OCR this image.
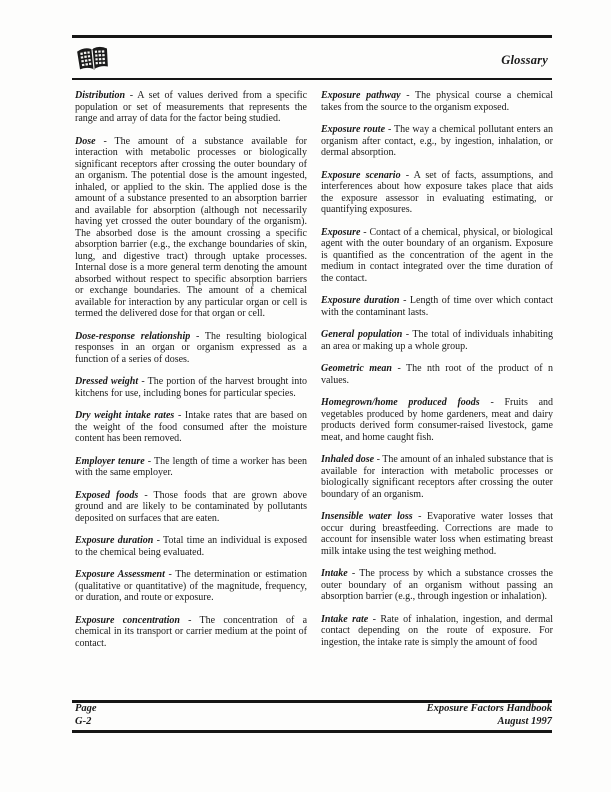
Glossary

Distribution - A set of values derived from a specific population or set of measurements that represents the range and array of data for the factor being studied.

Dose - The amount of a substance available for interaction with metabolic processes or biologically significant receptors after crossing the outer boundary of an organism. The potential dose is the amount ingested, inhaled, or applied to the skin. The applied dose is the amount of a substance presented to an absorption barrier and available for absorption (although not necessarily having yet crossed the outer boundary of the organism). The absorbed dose is the amount crossing a specific absorption barrier (e.g., the exchange boundaries of skin, lung, and digestive tract) through uptake processes. Internal dose is a more general term denoting the amount absorbed without respect to specific absorption barriers or exchange boundaries. The amount of a chemical available for interaction by any particular organ or cell is termed the delivered dose for that organ or cell.

Dose-response relationship - The resulting biological responses in an organ or organism expressed as a function of a series of doses.

Dressed weight - The portion of the harvest brought into kitchens for use, including bones for particular species.

Dry weight intake rates - Intake rates that are based on the weight of the food consumed after the moisture content has been removed.

Employer tenure - The length of time a worker has been with the same employer.

Exposed foods - Those foods that are grown above ground and are likely to be contaminated by pollutants deposited on surfaces that are eaten.

Exposure duration - Total time an individual is exposed to the chemical being evaluated.

Exposure Assessment - The determination or estimation (qualitative or quantitative) of the magnitude, frequency, or duration, and route or exposure.

Exposure concentration - The concentration of a chemical in its transport or carrier medium at the point of contact.

Exposure pathway - The physical course a chemical takes from the source to the organism exposed.

Exposure route - The way a chemical pollutant enters an organism after contact, e.g., by ingestion, inhalation, or dermal absorption.

Exposure scenario - A set of facts, assumptions, and interferences about how exposure takes place that aids the exposure assessor in evaluating estimating, or quantifying exposures.

Exposure - Contact of a chemical, physical, or biological agent with the outer boundary of an organism. Exposure is quantified as the concentration of the agent in the medium in contact integrated over the time duration of the contact.

Exposure duration - Length of time over which contact with the contaminant lasts.

General population - The total of individuals inhabiting an area or making up a whole group.

Geometric mean - The nth root of the product of n values.

Homegrown/home produced foods - Fruits and vegetables produced by home gardeners, meat and dairy products derived form consumer-raised livestock, game meat, and home caught fish.

Inhaled dose - The amount of an inhaled substance that is available for interaction with metabolic processes or biologically significant receptors after crossing the outer boundary of an organism.

Insensible water loss - Evaporative water losses that occur during breastfeeding. Corrections are made to account for insensible water loss when estimating breast milk intake using the test weighing method.

Intake - The process by which a substance crosses the outer boundary of an organism without passing an absorption barrier (e.g., through ingestion or inhalation).

Intake rate - Rate of inhalation, ingestion, and dermal contact depending on the route of exposure. For ingestion, the intake rate is simply the amount of food

Page
G-2
Exposure Factors Handbook
August 1997
